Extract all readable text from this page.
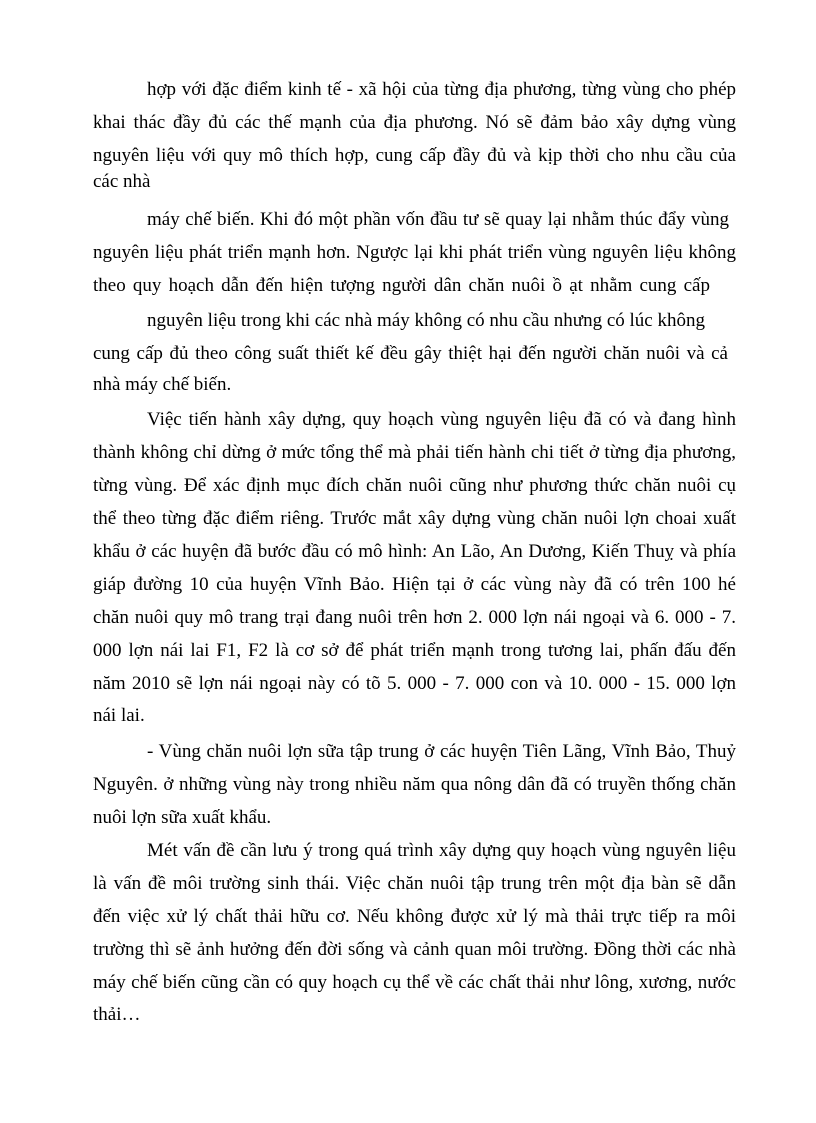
hợp với đặc điểm kinh tế - xã hội của từng địa phương, từng vùng cho phép

khai thác đầy đủ các thế mạnh của địa phương. Nó sẽ đảm bảo xây dựng vùng

nguyên liệu với quy mô thích hợp, cung cấp đầy đủ và kịp thời cho nhu cầu của

các nhà

máy chế biến. Khi đó một phần vốn đầu tư sẽ quay lại nhằm thúc đẩy vùng

nguyên liệu phát triển mạnh hơn. Ngược lại khi phát triển vùng nguyên liệu không

theo quy hoạch dẫn đến hiện tượng người dân chăn nuôi ồ ạt nhằm cung cấp

nguyên liệu trong khi các nhà máy không có nhu cầu nhưng có lúc không

cung cấp đủ theo công suất thiết kế đều gây thiệt hại đến người chăn nuôi và cả

nhà máy chế biến.

Việc tiến hành xây dựng, quy hoạch vùng nguyên liệu đã có và đang hình

thành không chỉ dừng ở mức tổng thể mà phải tiến hành chi tiết ở từng địa phương,

từng vùng. Để xác định mục đích chăn nuôi cũng như phương thức chăn nuôi cụ

thể theo từng đặc điểm riêng. Trước mắt xây dựng vùng chăn nuôi lợn choai xuất

khẩu ở các huyện đã bước đầu có mô hình: An Lão, An Dương, Kiến Thuỵ và phía

giáp đường 10 của huyện Vĩnh Bảo. Hiện tại ở các vùng này đã có trên 100 hé

chăn nuôi quy mô trang trại đang nuôi trên hơn 2. 000 lợn nái ngoại và 6. 000 - 7.

000 lợn nái lai F1, F2 là cơ sở để phát triển mạnh trong tương lai, phấn đấu đến

năm 2010 sẽ lợn nái ngoại này có tõ 5. 000 - 7. 000 con và 10. 000 - 15. 000 lợn

nái lai.

- Vùng chăn nuôi lợn sữa tập trung ở các huyện Tiên Lãng, Vĩnh Bảo, Thuỷ

Nguyên. ở những vùng này trong nhiều năm qua nông dân đã có truyền thống chăn

nuôi lợn sữa xuất khẩu.

Mét vấn đề cần lưu ý trong quá trình xây dựng quy hoạch vùng nguyên liệu

là vấn đề môi trường sinh thái. Việc chăn nuôi tập trung trên một địa bàn sẽ dẫn

đến việc xử lý chất thải hữu cơ. Nếu không được xử lý mà thải trực tiếp ra môi

trường thì sẽ ảnh hưởng đến đời sống và cảnh quan môi trường. Đồng thời các nhà

máy chế biến cũng cần có quy hoạch cụ thể về các chất thải như lông, xương, nước

thải…
